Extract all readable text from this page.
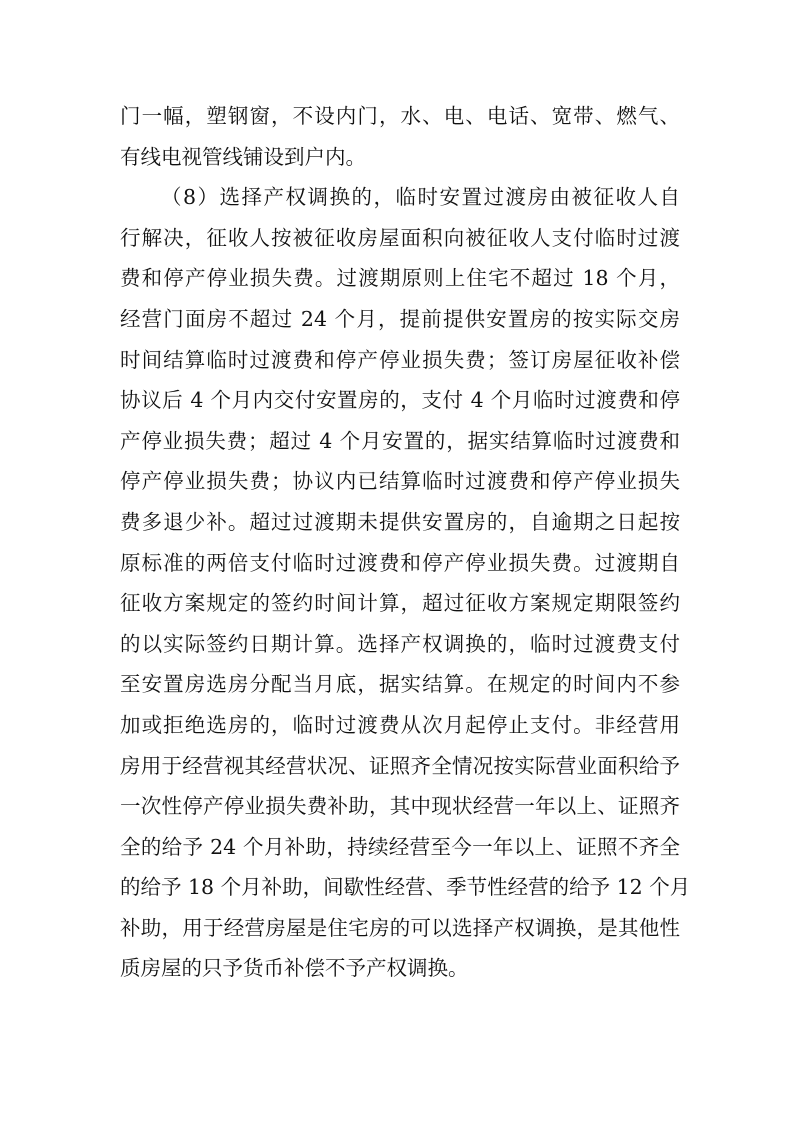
门一幅，塑钢窗，不设内门，水、电、电话、宽带、燃气、
有线电视管线铺设到户内。
（8）选择产权调换的，临时安置过渡房由被征收人自
行解决，征收人按被征收房屋面积向被征收人支付临时过渡
费和停产停业损失费。过渡期原则上住宅不超过 18 个月，
经营门面房不超过 24 个月，提前提供安置房的按实际交房
时间结算临时过渡费和停产停业损失费；签订房屋征收补偿
协议后 4 个月内交付安置房的，支付 4 个月临时过渡费和停
产停业损失费；超过 4 个月安置的，据实结算临时过渡费和
停产停业损失费；协议内已结算临时过渡费和停产停业损失
费多退少补。超过过渡期未提供安置房的，自逾期之日起按
原标准的两倍支付临时过渡费和停产停业损失费。过渡期自
征收方案规定的签约时间计算，超过征收方案规定期限签约
的以实际签约日期计算。选择产权调换的，临时过渡费支付
至安置房选房分配当月底，据实结算。在规定的时间内不参
加或拒绝选房的，临时过渡费从次月起停止支付。非经营用
房用于经营视其经营状况、证照齐全情况按实际营业面积给予
一次性停产停业损失费补助，其中现状经营一年以上、证照齐
全的给予 24 个月补助，持续经营至今一年以上、证照不齐全
的给予 18 个月补助，间歇性经营、季节性经营的给予 12 个月
补助，用于经营房屋是住宅房的可以选择产权调换，是其他性
质房屋的只予货币补偿不予产权调换。
